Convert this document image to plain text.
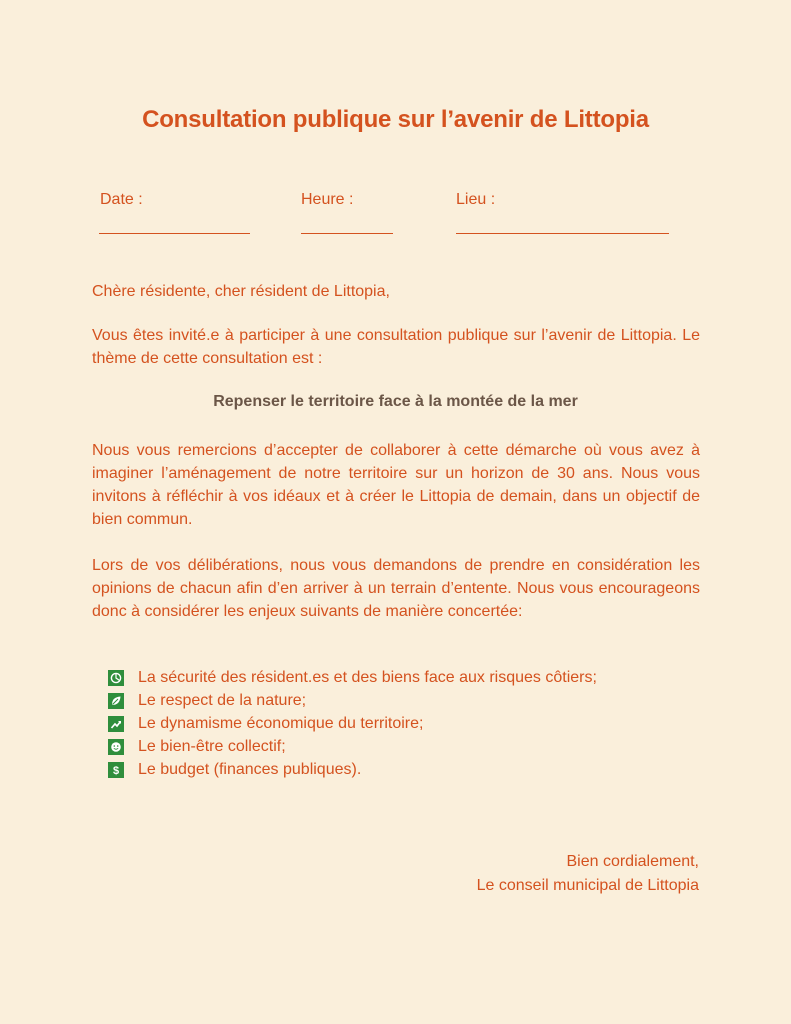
Consultation publique sur l’avenir de Littopia
Date :	Heure :	Lieu :

Chère résidente, cher résident de Littopia,

Vous êtes invité.e à participer à une consultation publique sur l’avenir de Littopia. Le thème de cette consultation est :

Repenser le territoire face à la montée de la mer

Nous vous remercions d’accepter de collaborer à cette démarche où vous avez à imaginer l’aménagement de notre territoire sur un horizon de 30 ans. Nous vous invitons à réfléchir à vos idéaux et à créer le Littopia de demain, dans un objectif de bien commun.

Lors de vos délibérations, nous vous demandons de prendre en considération les opinions de chacun afin d’en arriver à un terrain d’entente. Nous vous encourageons donc à considérer les enjeux suivants de manière concertée:

La sécurité des résident.es et des biens face aux risques côtiers;
Le respect de la nature;
Le dynamisme économique du territoire;
Le bien-être collectif;
$ Le budget (finances publiques).
Bien cordialement,
Le conseil municipal de Littopia
